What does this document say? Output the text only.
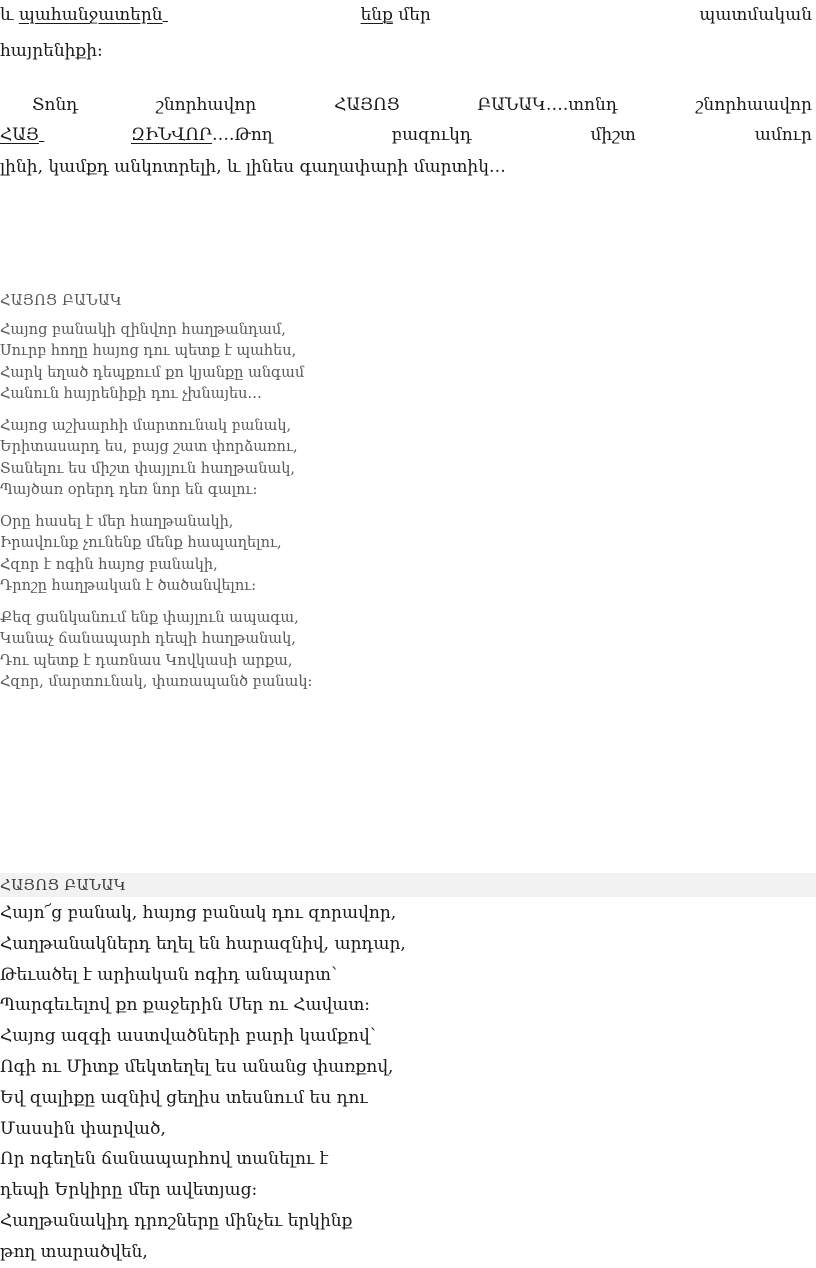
և պահանջատերն	ենք մեր	պատմական
հայրենիքի:
Տոնդ	շնորհավոր	ՀԱՅՈՑ	ԲԱՆԱԿ….տոնդ	շնորհաավոր
ՀԱՅ	ԶԻՆՎՈՐ….Թող	բազուկդ	միշտ	ամուր
լինի, կամքդ անկոտրելի, և լինես գաղափարի մարտիկ…
ՀԱՅՈՑ ԲԱՆԱԿ
Հայոց բանակի զինվոր հաղթանդամ,
Սուրբ հողը հայոց դու պետք է պահես,
Հարկ եղած դեպքում քո կյանքը անգամ
Հանուն հայրենիքի դու չխնայես…
Հայոց աշխարհի մարտունակ բանակ,
Երիտասարդ ես, բայց շատ փորձառու,
Տանելու ես միշտ փայլուն հաղթանակ,
Պայծառ օրերդ դեռ նոր են գալու:
Օրը հասել է մեր հաղթանակի,
Իրավունք չունենք մենք հապաղելու,
Հզոր է ոգին հայոց բանակի,
Դրոշը հաղթական է ծածանվելու:
Քեզ ցանկանում ենք փայլուն ապագա,
Կանաչ ճանապարհ դեպի հաղթանակ,
Դու պետք է դառնաս Կովկասի արքա,
Հզոր, մարտունակ, փառապանծ բանակ:
ՀԱՅՈՑ ԲԱՆԱԿ
Հայո՜ց բանակ, հայոց բանակ դու զորավոր,
Հաղթանակներդ եղել են հարազնիվ, արդար,
Թեւածել է արիական ոգիդ անպարտ՝
Պարգեւելով քո քաջերին Սեր ու Հավատ:
Հայոց ազգի աստվածների բարի կամքով՝
Ոգի ու Միտք մեկտեղել ես անանց փառքով,
Եվ զալիքը ազնիվ ցեղիս տեսնում ես դու
Մասսին փարված,
Որ ոգեղեն ճանապարհով տանելու է
դեպի Երկիրը մեր ավետյաց:
Հաղթանակիդ դրոշները մինչեւ երկինք
թող տարածվեն,
